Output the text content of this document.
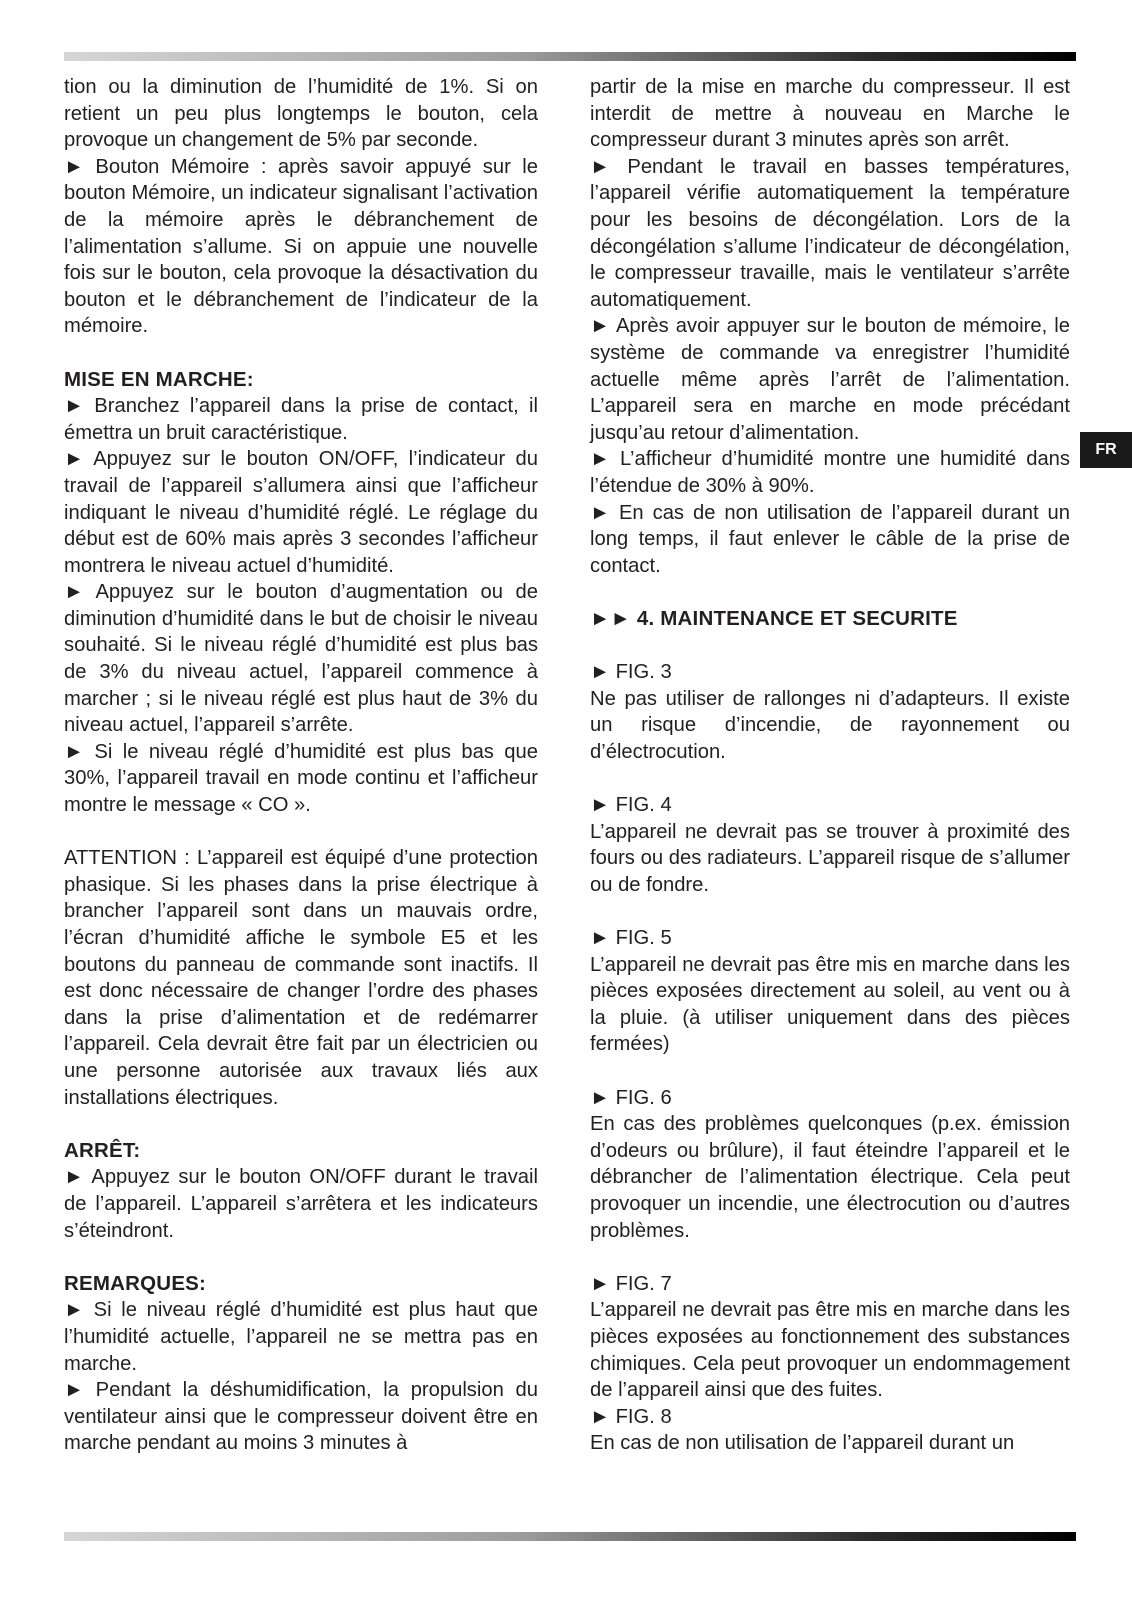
FR

tion ou la diminution de l’humidité de 1%. Si on retient un peu plus longtemps le bouton, cela provoque un changement de 5% par seconde.

► Bouton Mémoire : après savoir appuyé sur le bouton Mémoire, un indicateur signalisant l’activation de la mémoire après le débranchement de l’alimentation s’allume. Si on appuie une nouvelle fois sur le bouton, cela provoque la désactivation du bouton et le débranchement de l’indicateur de la mémoire.

MISE EN MARCHE:

► Branchez l’appareil dans la prise de contact, il émettra un bruit caractéristique.

► Appuyez sur le bouton ON/OFF, l’indicateur du travail de l’appareil s’allumera ainsi que l’afficheur indiquant le niveau d’humidité réglé. Le réglage du début est de 60% mais après 3 secondes l’afficheur montrera le niveau actuel d’humidité.

► Appuyez sur le bouton d’augmentation ou de diminution d’humidité dans le but de choisir le niveau souhaité. Si le niveau réglé d’humidité est plus bas de 3% du niveau actuel, l’appareil commence à marcher ; si le niveau réglé est plus haut de 3% du niveau actuel, l’appareil s’arrête.

► Si le niveau réglé d’humidité est plus bas que 30%, l’appareil travail en mode continu et l’afficheur montre le message « CO ».

ATTENTION : L’appareil est équipé d’une protection phasique. Si les phases dans la prise électrique à brancher l’appareil sont dans un mauvais ordre, l’écran d’humidité affiche le symbole E5 et les boutons du panneau de commande sont inactifs. Il est donc nécessaire de changer l’ordre des phases dans la prise d’alimentation et de redémarrer l’appareil. Cela devrait être fait par un électricien ou une personne autorisée aux travaux liés aux installations électriques.

ARRÊT:

► Appuyez sur le bouton ON/OFF durant le travail de l’appareil. L’appareil s’arrêtera et les indicateurs s’éteindront.

REMARQUES:

► Si le niveau réglé d’humidité est plus haut que l’humidité actuelle, l’appareil ne se mettra pas en marche.

► Pendant la déshumidification, la propulsion du ventilateur ainsi que le compresseur doivent être en marche pendant au moins 3 minutes à

partir de la mise en marche du compresseur. Il est interdit de mettre à nouveau en Marche le compresseur durant 3 minutes après son arrêt.

► Pendant le travail en basses températures, l’appareil vérifie automatiquement la température pour les besoins de décongélation. Lors de la décongélation s’allume l’indicateur de décongélation, le compresseur travaille, mais le ventilateur s’arrête automatiquement.

► Après avoir appuyer sur le bouton de mémoire, le système de commande va enregistrer l’humidité actuelle même après l’arrêt de l’alimentation. L’appareil sera en marche en mode précédant jusqu’au retour d’alimentation.

► L’afficheur d’humidité montre une humidité dans l’étendue de 30% à 90%.

► En cas de non utilisation de l’appareil durant un long temps, il faut enlever le câble de la prise de contact.

►► 4. MAINTENANCE ET SECURITE

► FIG. 3

Ne pas utiliser de rallonges ni d’adapteurs. Il existe un risque d’incendie, de rayonnement ou d’électrocution.

► FIG. 4

L’appareil ne devrait pas se trouver à proximité des fours ou des radiateurs. L’appareil risque de s’allumer ou de fondre.

► FIG. 5

L’appareil ne devrait pas être mis en marche dans les pièces exposées directement au soleil, au vent ou à la pluie. (à utiliser uniquement dans des pièces fermées)

► FIG. 6

En cas des problèmes quelconques (p.ex. émission d’odeurs ou brûlure), il faut éteindre l’appareil et le débrancher de l’alimentation électrique. Cela peut provoquer un incendie, une électrocution ou d’autres problèmes.

► FIG. 7

L’appareil ne devrait pas être mis en marche dans les pièces exposées au fonctionnement des substances chimiques. Cela peut provoquer un endommagement de l’appareil ainsi que des fuites.

► FIG. 8

En cas de non utilisation de l’appareil durant un
